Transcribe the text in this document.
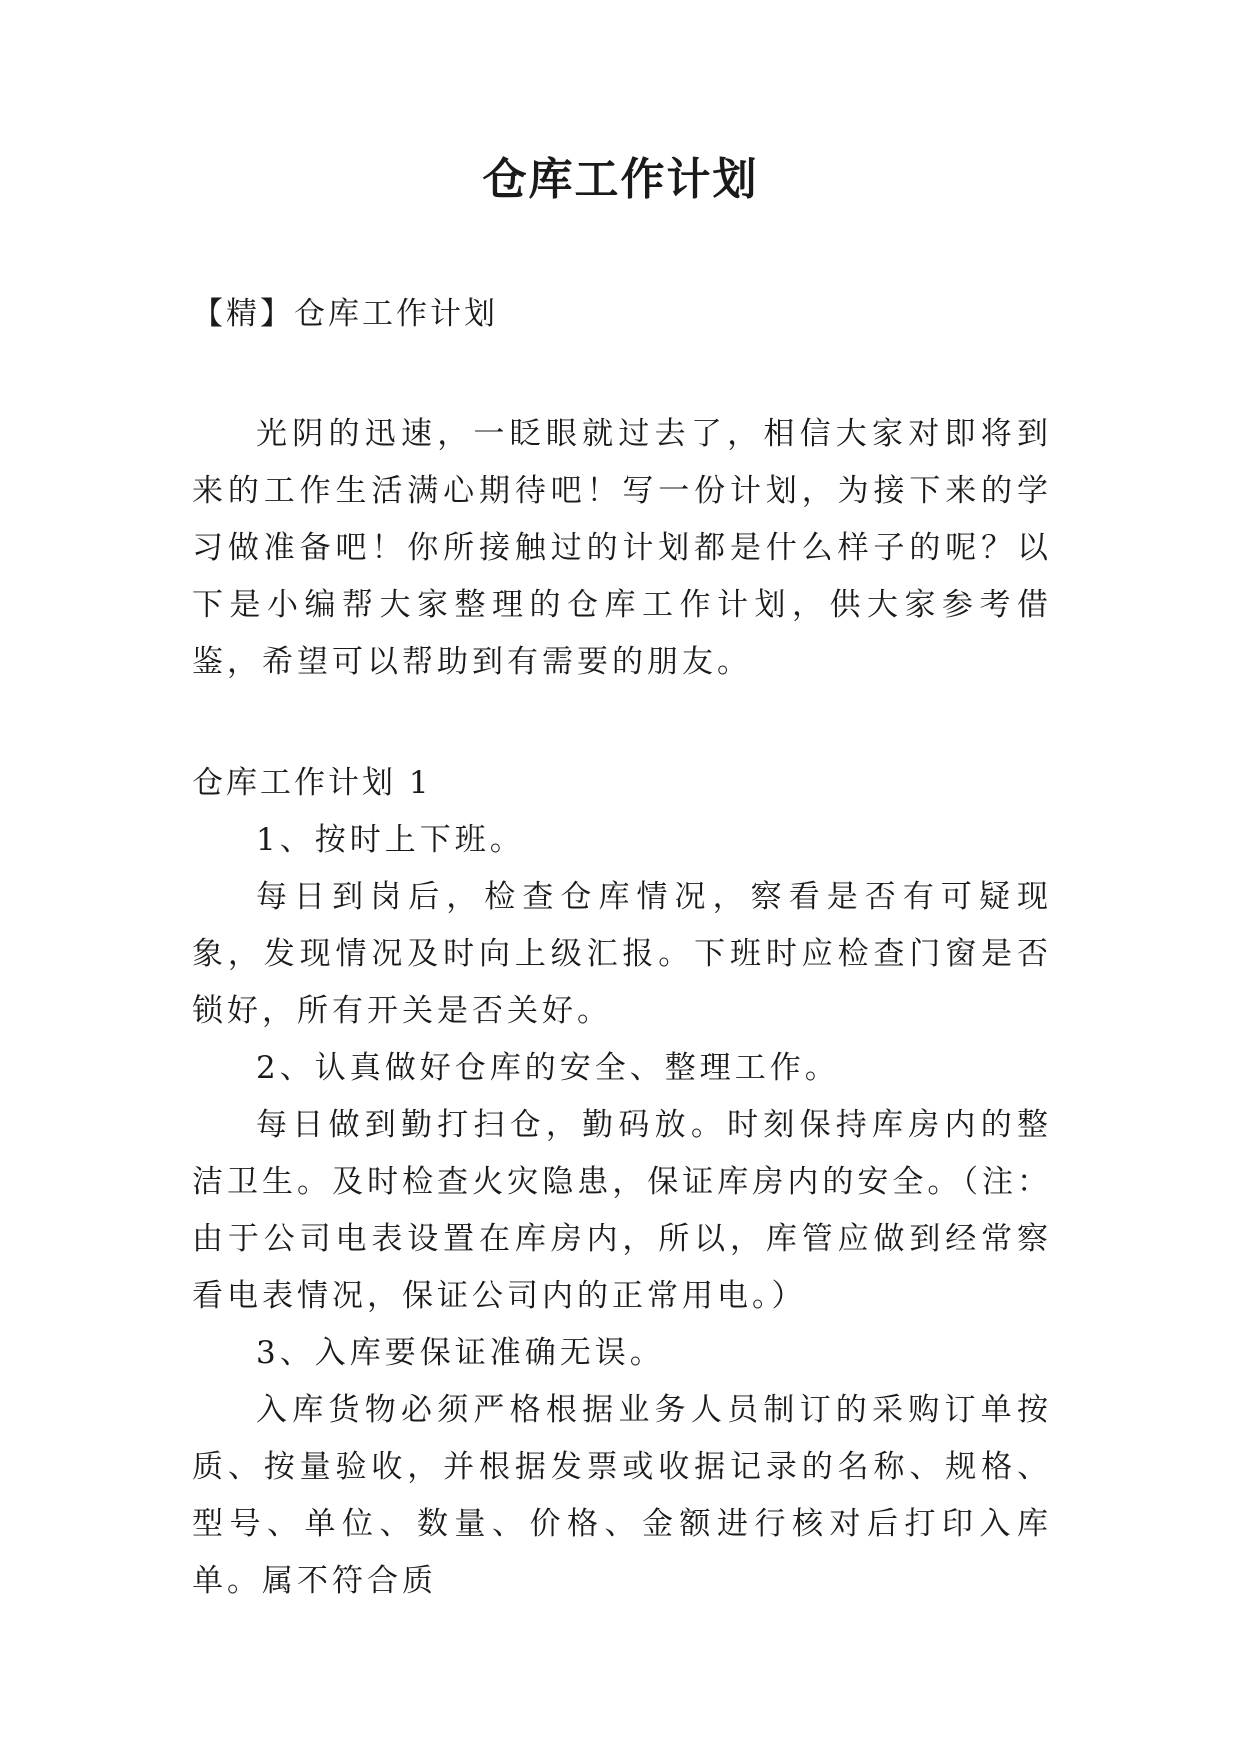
仓库工作计划
【精】仓库工作计划

光阴的迅速，一眨眼就过去了，相信大家对即将到来的工作生活满心期待吧！写一份计划，为接下来的学习做准备吧！你所接触过的计划都是什么样子的呢？以下是小编帮大家整理的仓库工作计划，供大家参考借鉴，希望可以帮助到有需要的朋友。

仓库工作计划 1

1、按时上下班。

每日到岗后，检查仓库情况，察看是否有可疑现象，发现情况及时向上级汇报。下班时应检查门窗是否锁好，所有开关是否关好。

2、认真做好仓库的安全、整理工作。

每日做到勤打扫仓，勤码放。时刻保持库房内的整洁卫生。及时检查火灾隐患，保证库房内的安全。（注：由于公司电表设置在库房内，所以，库管应做到经常察看电表情况，保证公司内的正常用电。）

3、入库要保证准确无误。

入库货物必须严格根据业务人员制订的采购订单按质、按量验收，并根据发票或收据记录的名称、规格、型号、单位、数量、价格、金额进行核对后打印入库单。属不符合质
